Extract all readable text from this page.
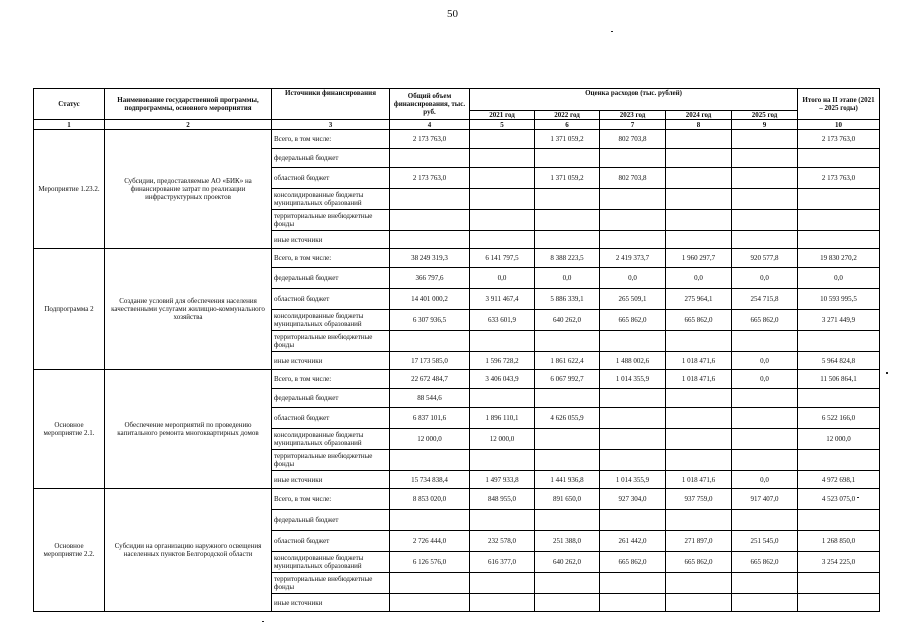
50
Статус	Наименование государственной программы, подпрограммы, основного мероприятия	Источники финансирования	Общий объем финансирования, тыс. руб.	Оценка расходов (тыс. рублей)					Итого на II этапе (2021 – 2025 годы)
				2021 год	2022 год	2023 год	2024 год	2025 год	
1	2	3	4	5	6	7	8	9	10
Мероприятие 1.23.2.	Субсидии, предоставляемые АО «БИК» на финансирование затрат по реализации инфраструктурных проектов	Всего, в том числе:	2 173 763,0		1 371 059,2	802 703,8			2 173 763,0
		федеральный бюджет							
		областной бюджет	2 173 763,0		1 371 059,2	802 703,8			2 173 763,0
		консолидированные бюджеты муниципальных образований							
		территориальные внебюджетные фонды							
		иные источники							
Подпрограмма 2	Создание условий для обеспечения населения качественными услугами жилищно-коммунального хозяйства	Всего, в том числе:	38 249 319,3	6 141 797,5	8 388 223,5	2 419 373,7	1 960 297,7	920 577,8	19 830 270,2
		федеральный бюджет	366 797,6	0,0	0,0	0,0	0,0	0,0	0,0
		областной бюджет	14 401 000,2	3 911 467,4	5 886 339,1	265 509,1	275 964,1	254 715,8	10 593 995,5
		консолидированные бюджеты муниципальных образований	6 307 936,5	633 601,9	640 262,0	665 862,0	665 862,0	665 862,0	3 271 449,9
		территориальные внебюджетные фонды							
		иные источники	17 173 585,0	1 596 728,2	1 861 622,4	1 488 002,6	1 018 471,6	0,0	5 964 824,8
Основное мероприятие 2.1.	Обеспечение мероприятий по проведению капитального ремонта многоквартирных домов	Всего, в том числе:	22 672 484,7	3 406 043,9	6 067 992,7	1 014 355,9	1 018 471,6	0,0	11 506 864,1
		федеральный бюджет	88 544,6						
		областной бюджет	6 837 101,6	1 896 110,1	4 626 055,9				6 522 166,0
		консолидированные бюджеты муниципальных образований	12 000,0	12 000,0					12 000,0
		территориальные внебюджетные фонды							
		иные источники	15 734 838,4	1 497 933,8	1 441 936,8	1 014 355,9	1 018 471,6	0,0	4 972 698,1
Основное мероприятие 2.2.	Субсидии на организацию наружного освещения населенных пунктов Белгородской области	Всего, в том числе:	8 853 020,0	848 955,0	891 650,0	927 304,0	937 759,0	917 407,0	4 523 075,0
		федеральный бюджет							
		областной бюджет	2 726 444,0	232 578,0	251 388,0	261 442,0	271 897,0	251 545,0	1 268 850,0
		консолидированные бюджеты муниципальных образований	6 126 576,0	616 377,0	640 262,0	665 862,0	665 862,0	665 862,0	3 254 225,0
		территориальные внебюджетные фонды							
		иные источники							
